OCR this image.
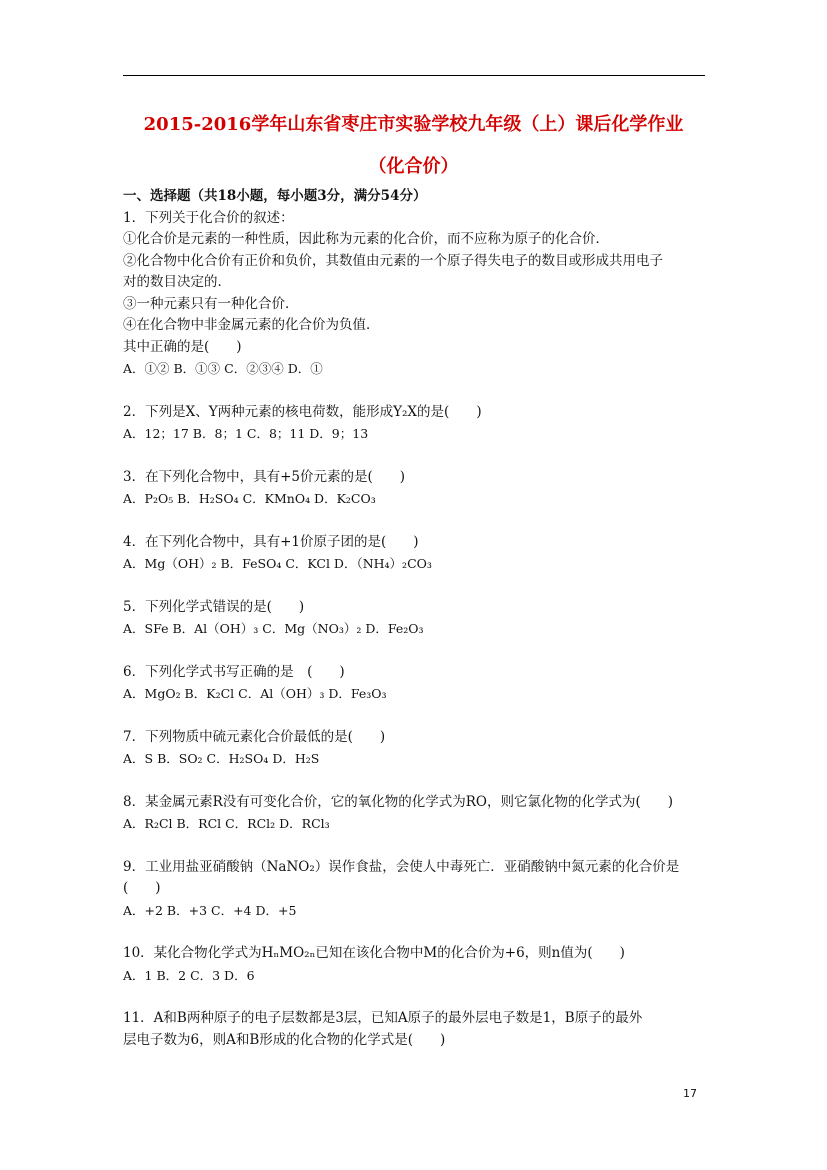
2015-2016学年山东省枣庄市实验学校九年级（上）课后化学作业
（化合价）
一、选择题（共18小题，每小题3分，满分54分）
1．下列关于化合价的叙述：
①化合价是元素的一种性质，因此称为元素的化合价，而不应称为原子的化合价．
②化合物中化合价有正价和负价，其数值由元素的一个原子得失电子的数目或形成共用电子
对的数目决定的．
③一种元素只有一种化合价．
④在化合物中非金属元素的化合价为负值．
其中正确的是(　　)
A．①② B．①③ C．②③④ D．①
2．下列是X、Y两种元素的核电荷数，能形成Y₂X的是(　　)
A．12；17 B．8；1 C．8；11 D．9；13
3．在下列化合物中，具有+5价元素的是(　　)
A．P₂O₅ B．H₂SO₄ C．KMnO₄ D．K₂CO₃
4．在下列化合物中，具有+1价原子团的是(　　)
A．Mg（OH）₂ B．FeSO₄ C．KCl D．（NH₄）₂CO₃
5．下列化学式错误的是(　　)
A．SFe B．Al（OH）₃ C．Mg（NO₃）₂ D．Fe₂O₃
6．下列化学式书写正确的是　(　　)
A．MgO₂ B．K₂Cl C．Al（OH）₃ D．Fe₃O₃
7．下列物质中硫元素化合价最低的是(　　)
A．S B．SO₂ C．H₂SO₄ D．H₂S
8．某金属元素R没有可变化合价，它的氧化物的化学式为RO，则它氯化物的化学式为(　　)
A．R₂Cl B．RCl C．RCl₂ D．RCl₃
9．工业用盐亚硝酸钠（NaNO₂）误作食盐，会使人中毒死亡．亚硝酸钠中氮元素的化合价是
(　　)
A．+2 B．+3 C．+4 D．+5
10．某化合物化学式为HₙMO₂ₙ已知在该化合物中M的化合价为+6，则n值为(　　)
A．1 B．2 C．3 D．6
11．A和B两种原子的电子层数都是3层，已知A原子的最外层电子数是1，B原子的最外
层电子数为6，则A和B形成的化合物的化学式是(　　)
17
